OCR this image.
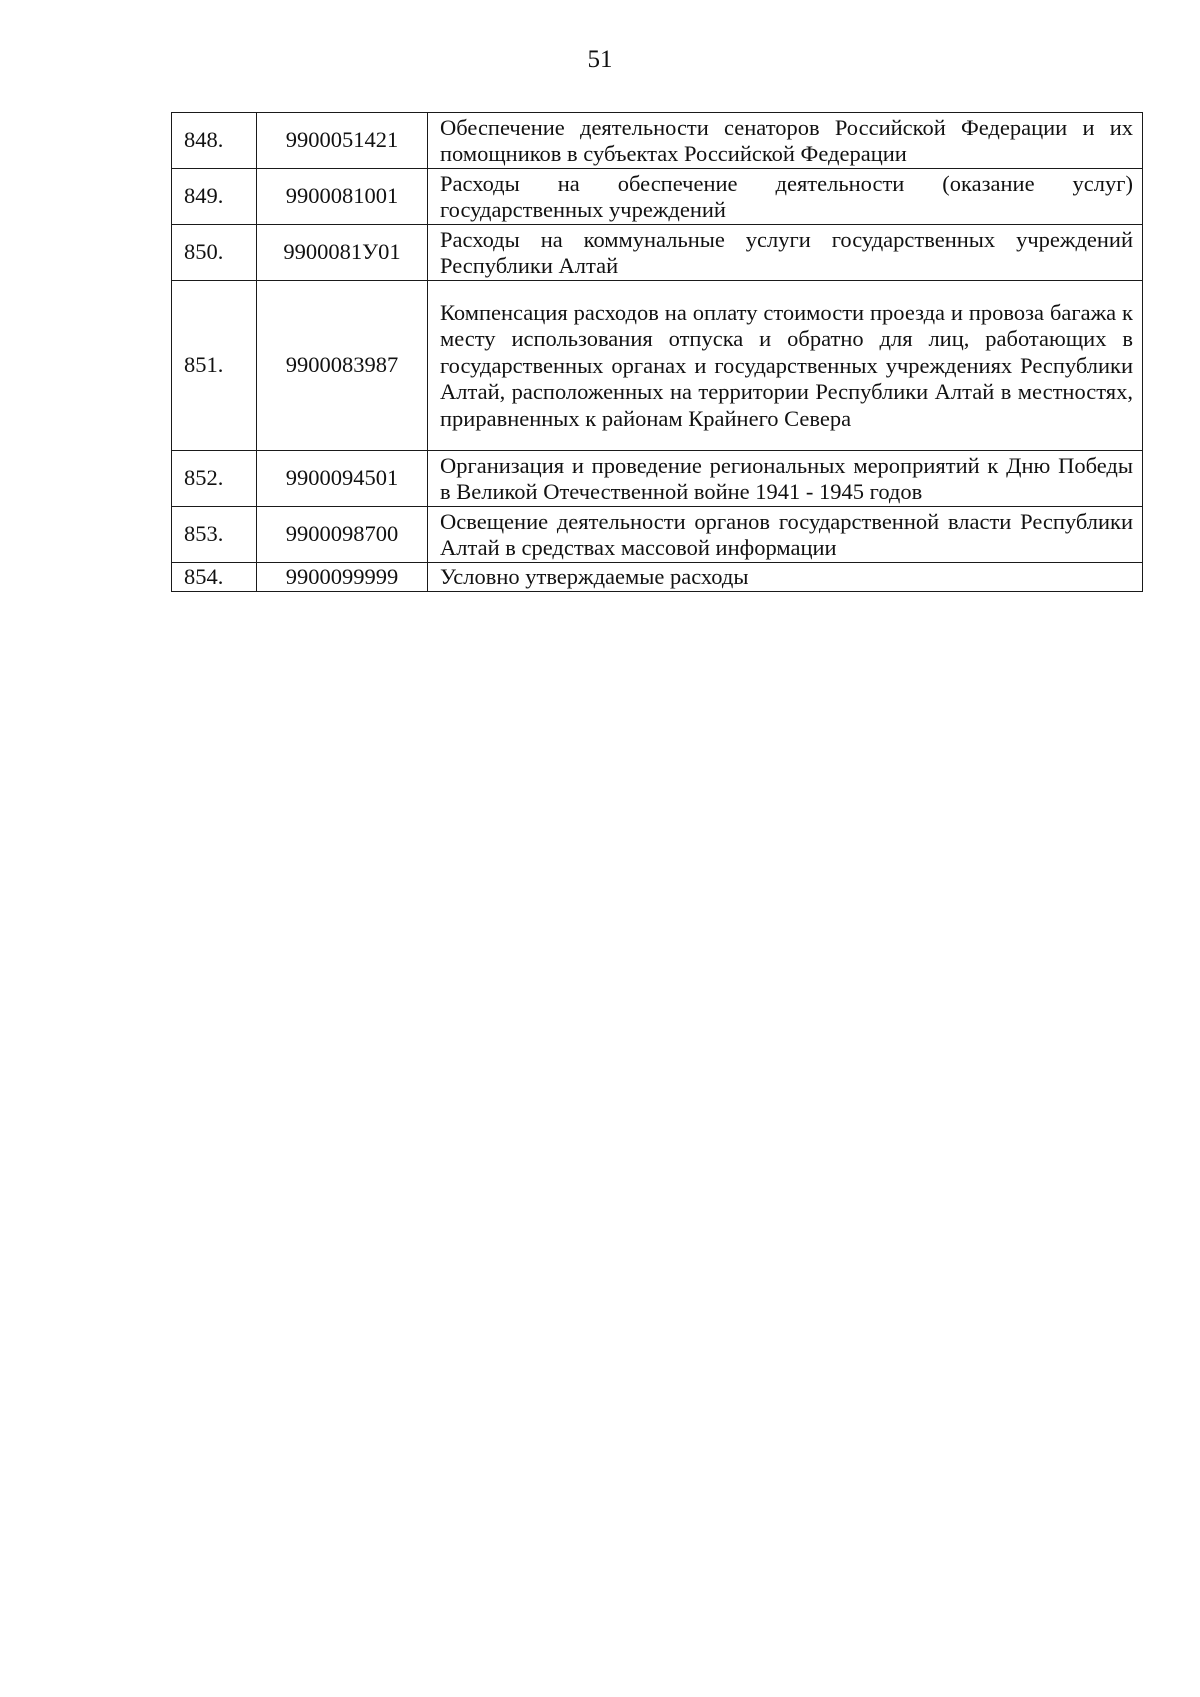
51
848.	9900051421	Обеспечение деятельности сенаторов Российской Федерации и их помощников в субъектах Российской Федерации

849.	9900081001	Расходы на обеспечение деятельности (оказание услуг) государственных учреждений

850.	9900081У01	Расходы на коммунальные услуги государственных учреждений Республики Алтай

851.	9900083987	Компенсация расходов на оплату стоимости проезда и провоза багажа к месту использования отпуска и обратно для лиц, работающих в государственных органах и государственных учреждениях Республики Алтай, расположенных на территории Республики Алтай в местностях, приравненных к районам Крайнего Севера

852.	9900094501	Организация и проведение региональных мероприятий к Дню Победы в Великой Отечественной войне 1941 - 1945 годов

853.	9900098700	Освещение деятельности органов государственной власти Республики Алтай в средствах массовой информации

854.	9900099999	Условно утверждаемые расходы
